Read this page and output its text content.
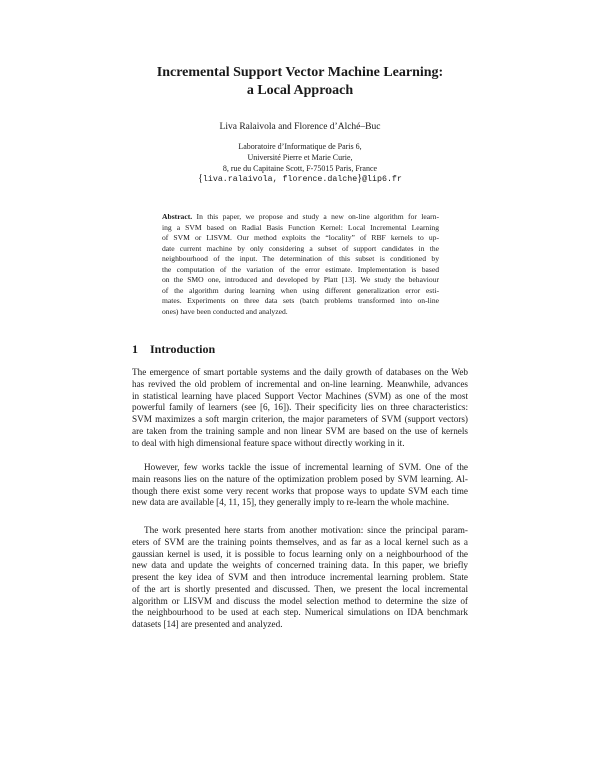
Incremental Support Vector Machine Learning:
a Local Approach

Liva Ralaivola and Florence d’Alché–Buc

Laboratoire d’Informatique de Paris 6,
Université Pierre et Marie Curie,
8, rue du Capitaine Scott, F-75015 Paris, France
{liva.ralaivola, florence.dalche}@lip6.fr
Abstract. In this paper, we propose and study a new on-line algorithm for learn-
ing a SVM based on Radial Basis Function Kernel: Local Incremental Learning
of SVM or LISVM. Our method exploits the “locality” of RBF kernels to up-
date current machine by only considering a subset of support candidates in the
neighbourhood of the input. The determination of this subset is conditioned by
the computation of the variation of the error estimate. Implementation is based
on the SMO one, introduced and developed by Platt [13]. We study the behaviour
of the algorithm during learning when using different generalization error esti-
mates. Experiments on three data sets (batch problems transformed into on-line
ones) have been conducted and analyzed.
1 Introduction
The emergence of smart portable systems and the daily growth of databases on the Web
has revived the old problem of incremental and on-line learning. Meanwhile, advances
in statistical learning have placed Support Vector Machines (SVM) as one of the most
powerful family of learners (see [6, 16]). Their specificity lies on three characteristics:
SVM maximizes a soft margin criterion, the major parameters of SVM (support vectors)
are taken from the training sample and non linear SVM are based on the use of kernels
to deal with high dimensional feature space without directly working in it.
However, few works tackle the issue of incremental learning of SVM. One of the
main reasons lies on the nature of the optimization problem posed by SVM learning. Al-
though there exist some very recent works that propose ways to update SVM each time
new data are available [4, 11, 15], they generally imply to re-learn the whole machine.
The work presented here starts from another motivation: since the principal param-
eters of SVM are the training points themselves, and as far as a local kernel such as a
gaussian kernel is used, it is possible to focus learning only on a neighbourhood of the
new data and update the weights of concerned training data. In this paper, we briefly
present the key idea of SVM and then introduce incremental learning problem. State
of the art is shortly presented and discussed. Then, we present the local incremental
algorithm or LISVM and discuss the model selection method to determine the size of
the neighbourhood to be used at each step. Numerical simulations on IDA benchmark
datasets [14] are presented and analyzed.
